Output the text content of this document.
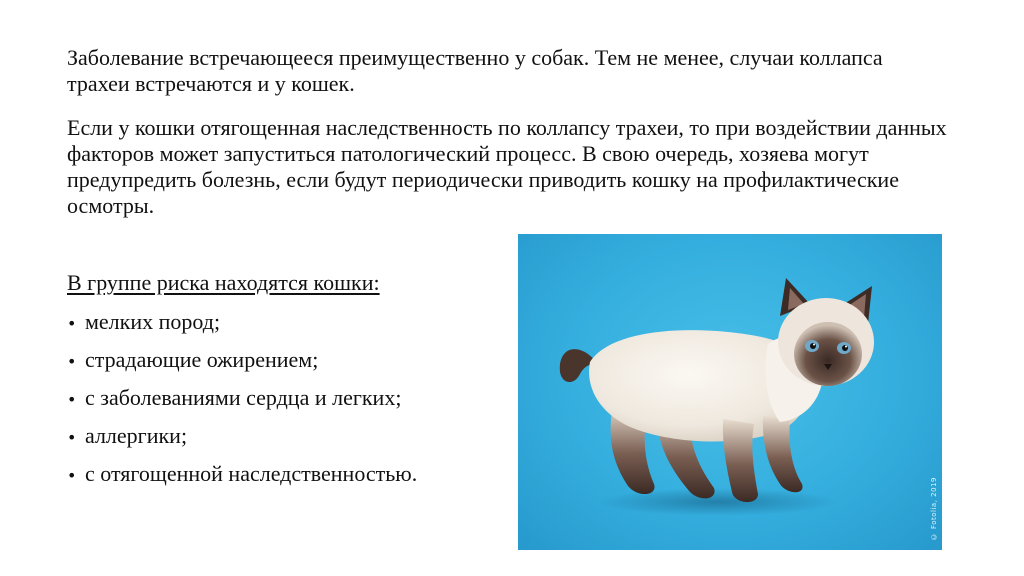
Заболевание встречающееся преимущественно у собак. Тем не менее, случаи коллапса трахеи встречаются и у кошек.

Если у кошки отягощенная наследственность по коллапсу трахеи, то при воздействии данных факторов может запуститься патологический процесс. В свою очередь, хозяева могут предупредить болезнь, если будут периодически приводить кошку на профилактические осмотры.

В группе риска находятся кошки:

• мелких пород;
• страдающие ожирением;
• с заболеваниями сердца и легких;
• аллергики;
• с отягощенной наследственностью.
© Fotolia, 2019
